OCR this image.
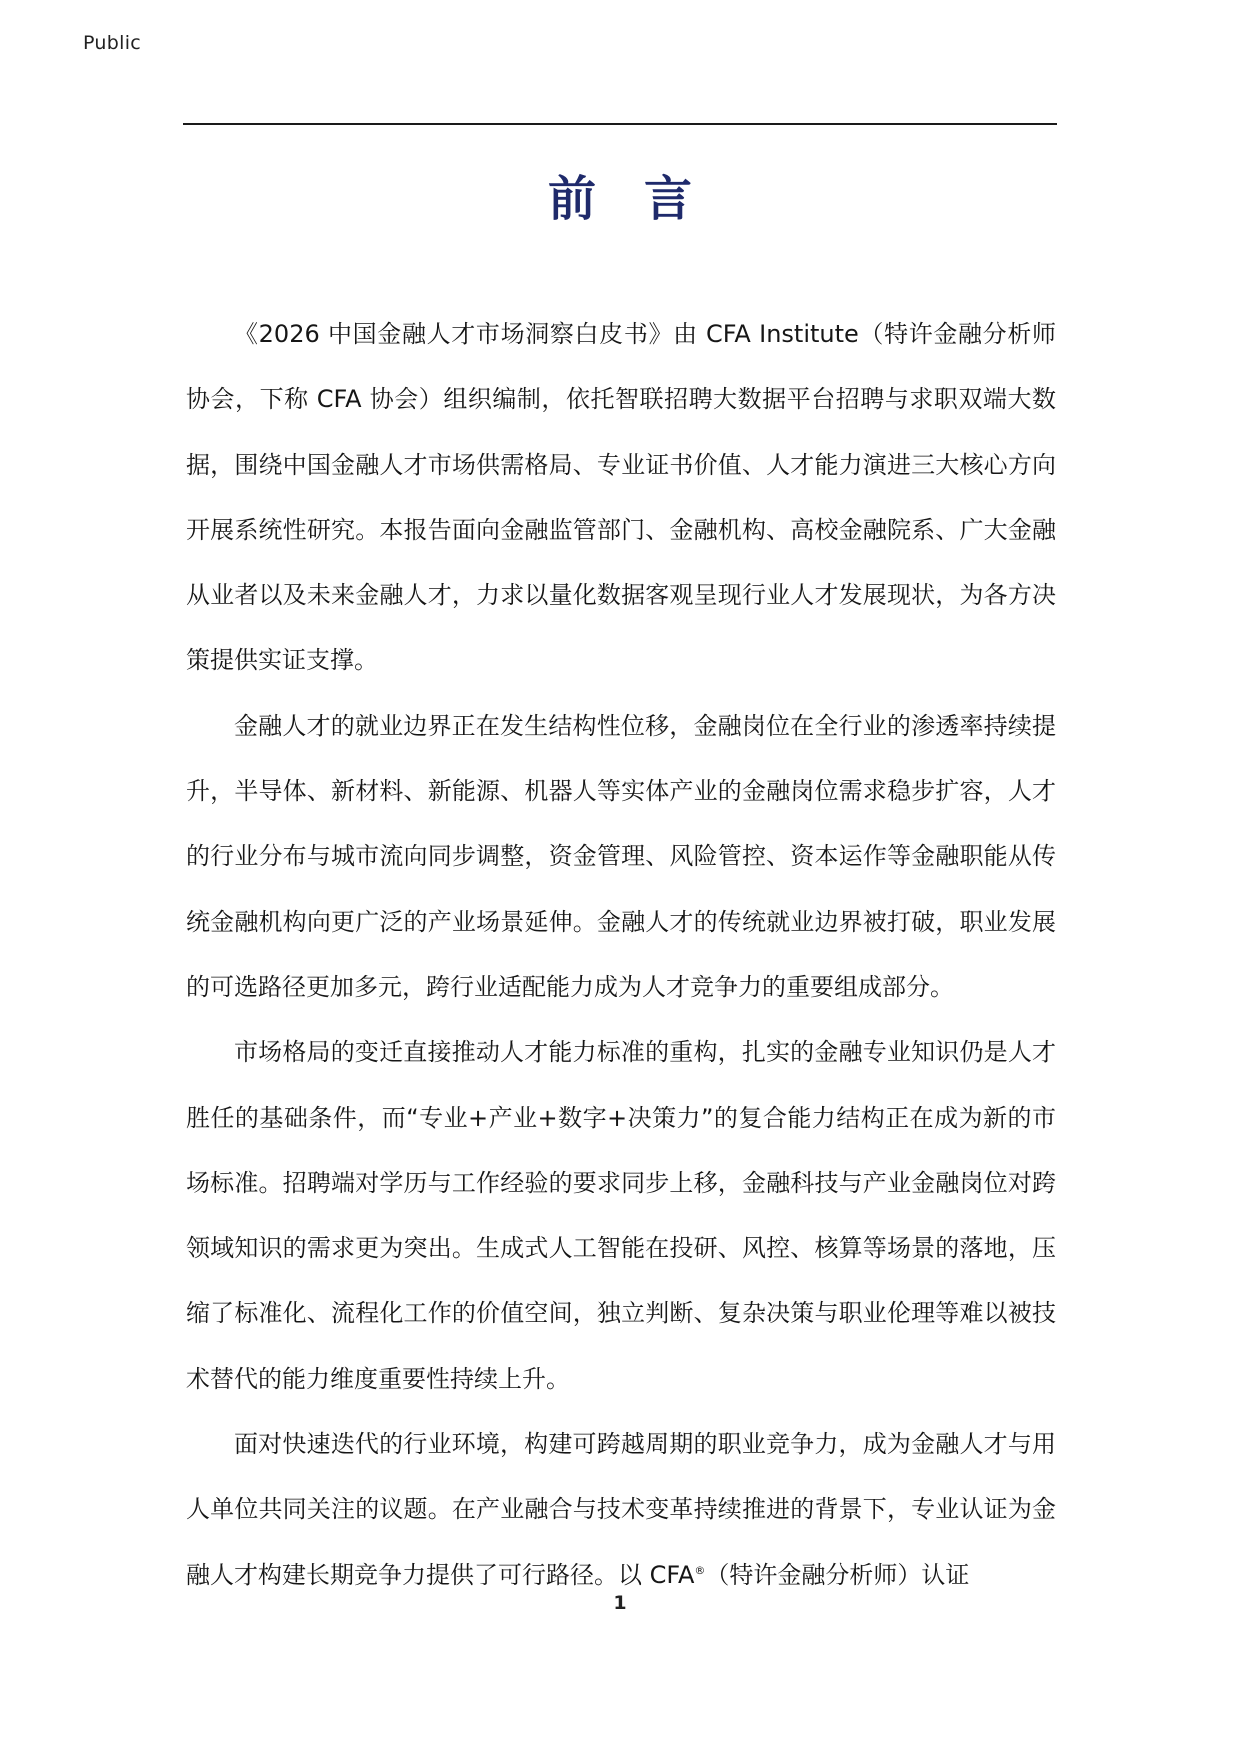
Public
前言

《2026 中国金融人才市场洞察白皮书》由 CFA Institute（特许金融分析师协会，下称 CFA 协会）组织编制，依托智联招聘大数据平台招聘与求职双端大数据，围绕中国金融人才市场供需格局、专业证书价值、人才能力演进三大核心方向开展系统性研究。本报告面向金融监管部门、金融机构、高校金融院系、广大金融从业者以及未来金融人才，力求以量化数据客观呈现行业人才发展现状，为各方决策提供实证支撑。

金融人才的就业边界正在发生结构性位移，金融岗位在全行业的渗透率持续提升，半导体、新材料、新能源、机器人等实体产业的金融岗位需求稳步扩容，人才的行业分布与城市流向同步调整，资金管理、风险管控、资本运作等金融职能从传统金融机构向更广泛的产业场景延伸。金融人才的传统就业边界被打破，职业发展的可选路径更加多元，跨行业适配能力成为人才竞争力的重要组成部分。

市场格局的变迁直接推动人才能力标准的重构，扎实的金融专业知识仍是人才胜任的基础条件，而“专业+产业+数字+决策力”的复合能力结构正在成为新的市场标准。招聘端对学历与工作经验的要求同步上移，金融科技与产业金融岗位对跨领域知识的需求更为突出。生成式人工智能在投研、风控、核算等场景的落地，压缩了标准化、流程化工作的价值空间，独立判断、复杂决策与职业伦理等难以被技术替代的能力维度重要性持续上升。

面对快速迭代的行业环境，构建可跨越周期的职业竞争力，成为金融人才与用人单位共同关注的议题。在产业融合与技术变革持续推进的背景下，专业认证为金融人才构建长期竞争力提供了可行路径。以 CFA®（特许金融分析师）认证

1
